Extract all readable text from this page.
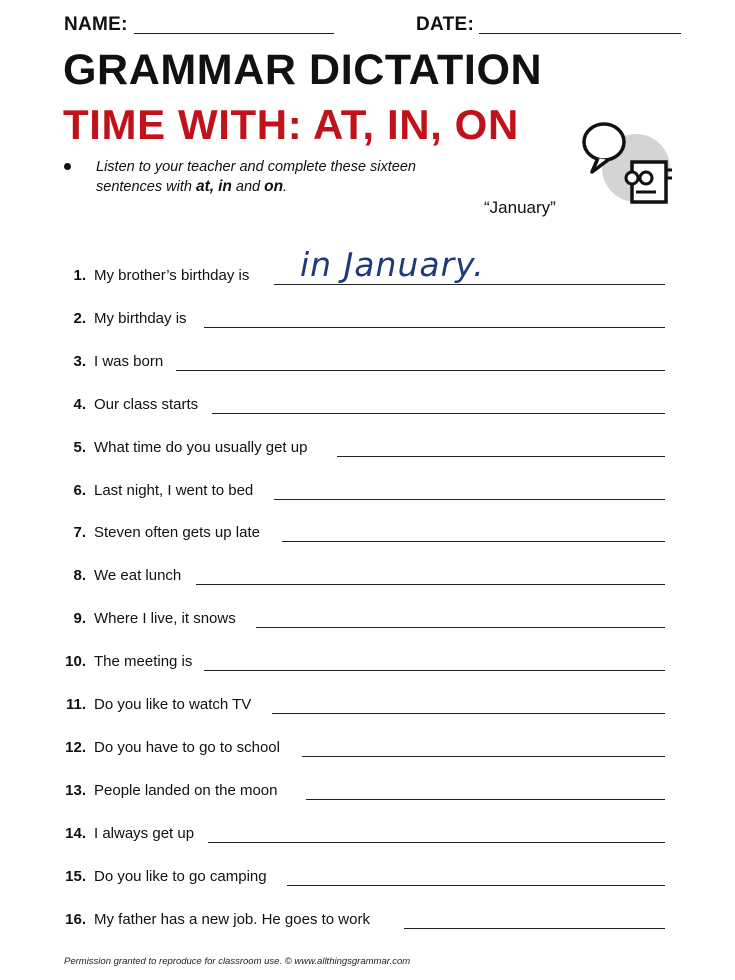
NAME:	DATE:
GRAMMAR DICTATION
TIME WITH: AT, IN, ON
Listen to your teacher and complete these sixteen sentences with at, in and on.
“January”
1. My brother’s birthday is in January.
2. My birthday is
3. I was born
4. Our class starts
5. What time do you usually get up
6. Last night, I went to bed
7. Steven often gets up late
8. We eat lunch
9. Where I live, it snows
10. The meeting is
11. Do you like to watch TV
12. Do you have to go to school
13. People landed on the moon
14. I always get up
15. Do you like to go camping
16. My father has a new job. He goes to work
Permission granted to reproduce for classroom use. © www.allthingsgrammar.com
